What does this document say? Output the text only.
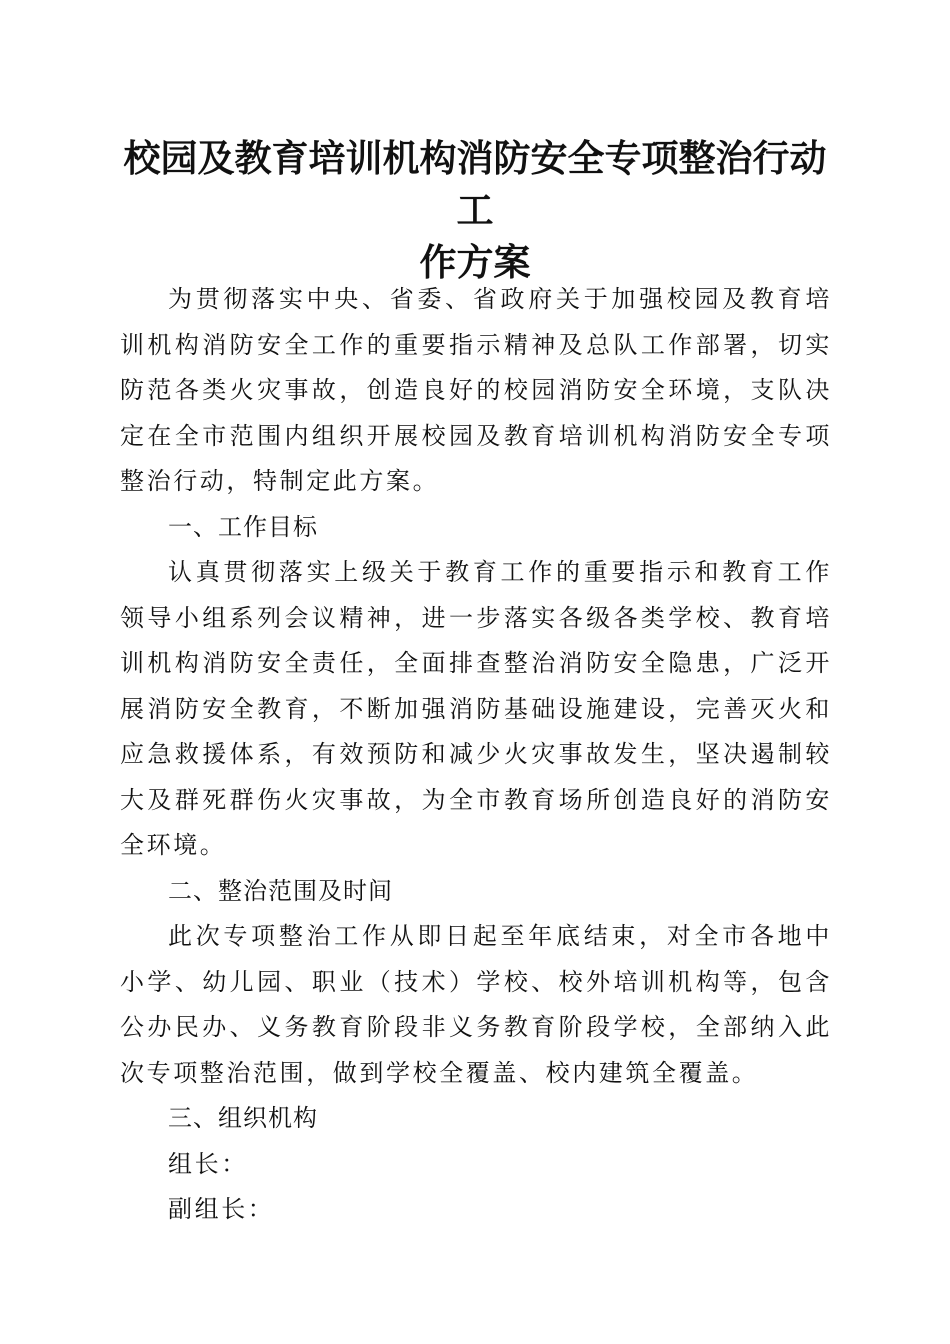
校园及教育培训机构消防安全专项整治行动工
作方案

为贯彻落实中央、省委、省政府关于加强校园及教育培训机构消防安全工作的重要指示精神及总队工作部署，切实防范各类火灾事故，创造良好的校园消防安全环境，支队决定在全市范围内组织开展校园及教育培训机构消防安全专项整治行动，特制定此方案。

一、工作目标

认真贯彻落实上级关于教育工作的重要指示和教育工作领导小组系列会议精神，进一步落实各级各类学校、教育培训机构消防安全责任，全面排查整治消防安全隐患，广泛开展消防安全教育，不断加强消防基础设施建设，完善灭火和应急救援体系，有效预防和减少火灾事故发生，坚决遏制较大及群死群伤火灾事故，为全市教育场所创造良好的消防安全环境。

二、整治范围及时间

此次专项整治工作从即日起至年底结束，对全市各地中小学、幼儿园、职业（技术）学校、校外培训机构等，包含公办民办、义务教育阶段非义务教育阶段学校，全部纳入此次专项整治范围，做到学校全覆盖、校内建筑全覆盖。

三、组织机构

组长：

副组长：
